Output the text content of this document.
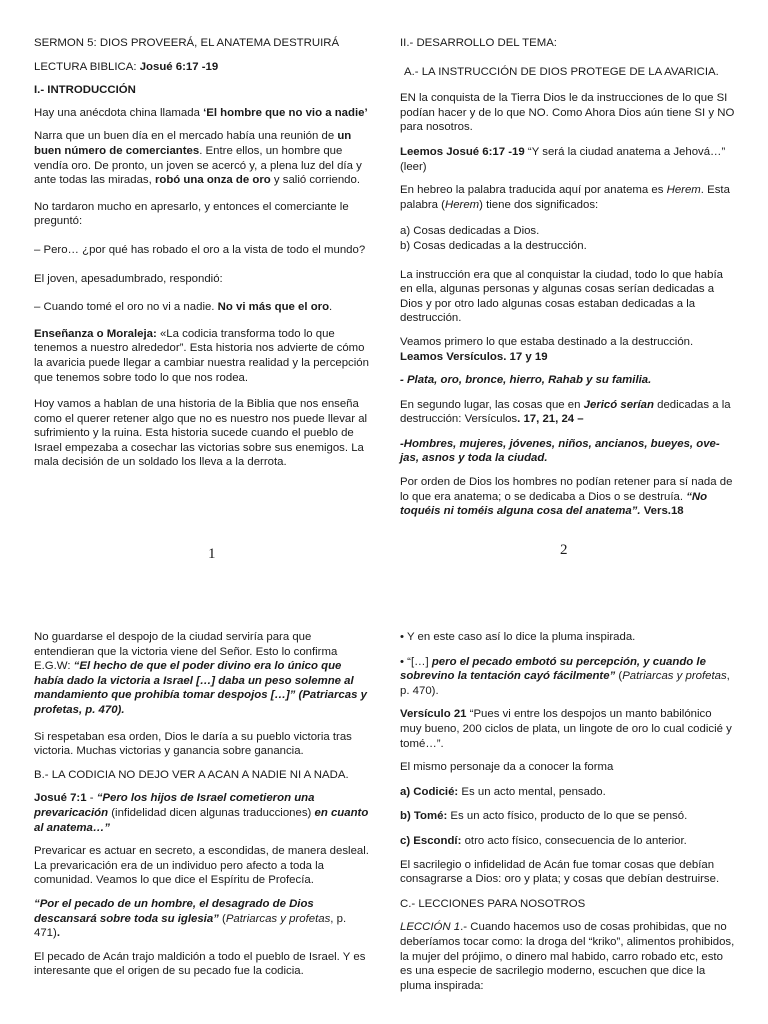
SERMON 5: DIOS PROVEERÁ, EL ANATEMA DESTRUIRÁ

LECTURA BIBLICA: Josué 6:17 -19

I.- INTRODUCCIÓN

Hay una anécdota china llamada ‘El hombre que no vio a nadie’

Narra que un buen día en el mercado había una reunión de un buen número de comerciantes. Entre ellos, un hombre que vendía oro. De pronto, un joven se acercó y, a plena luz del día y ante todas las miradas, robó una onza de oro y salió corriendo.

No tardaron mucho en apresarlo, y entonces el comerciante le preguntó:

– Pero… ¿por qué has robado el oro a la vista de todo el mundo?

El joven, apesadumbrado, respondió:

– Cuando tomé el oro no vi a nadie. No vi más que el oro.

Enseñanza o Moraleja: «La codicia transforma todo lo que tenemos a nuestro alrededor”. Esta historia nos advierte de cómo la avaricia puede llegar a cambiar nuestra realidad y la percepción que tenemos sobre todo lo que nos rodea.

Hoy vamos a hablan de una historia de la Biblia que nos enseña como el querer retener algo que no es nuestro nos puede llevar al sufrimiento y la ruina. Esta historia sucede cuando el pueblo de Israel empezaba a cosechar las victorias sobre sus enemigos. La mala decisión de un soldado los lleva a la derrota.

1

II.- DESARROLLO DEL TEMA:

A.- LA INSTRUCCIÓN DE DIOS PROTEGE DE LA AVARICIA.

EN la conquista de la Tierra Dios le da instrucciones de lo que SI podían hacer y de lo que NO. Como Ahora Dios aún tiene SI y NO para nosotros.

Leemos Josué 6:17 -19 “Y será la ciudad anatema a Jehová…” (leer)

En hebreo la palabra traducida aquí por anatema es Herem. Esta palabra (Herem) tiene dos significados:

a) Cosas dedicadas a Dios.
b) Cosas dedicadas a la destrucción.

La instrucción era que al conquistar la ciudad, todo lo que había en ella, algunas personas y algunas cosas serían dedicadas a Dios y por otro lado algunas cosas estaban dedicadas a la destrucción.

Veamos primero lo que estaba destinado a la destrucción. Leamos Versículos. 17 y 19

- Plata, oro, bronce, hierro, Rahab y su familia.

En segundo lugar, las cosas que en Jericó serían dedicadas a la destrucción: Versículos. 17, 21, 24 –

-Hombres, mujeres, jóvenes, niños, ancianos, bueyes, ove-jas, asnos y toda la ciudad.

Por orden de Dios los hombres no podían retener para sí nada de lo que era anatema; o se dedicaba a Dios o se destruía. “No toquéis ni toméis alguna cosa del anatema”. Vers.18

2

No guardarse el despojo de la ciudad serviría para que entendieran que la victoria viene del Señor. Esto lo confirma E.G.W: “El hecho de que el poder divino era lo único que había dado la victoria a Israel […] daba un peso solemne al mandamiento que prohibía tomar despojos […]” (Patriarcas y profetas, p. 470).

Si respetaban esa orden, Dios le daría a su pueblo victoria tras victoria. Muchas victorias y ganancia sobre ganancia.

B.- LA CODICIA NO DEJO VER A ACAN A NADIE NI A NADA.

Josué 7:1 - “Pero los hijos de Israel cometieron una prevaricación (infidelidad dicen algunas traducciones) en cuanto al anatema…”

Prevaricar es actuar en secreto, a escondidas, de manera desleal. La prevaricación era de un individuo pero afecto a toda la comunidad. Veamos lo que dice el Espíritu de Profecía.

“Por el pecado de un hombre, el desagrado de Dios descansará sobre toda su iglesia” (Patriarcas y profetas, p. 471).

El pecado de Acán trajo maldición a todo el pueblo de Israel. Y es interesante que el origen de su pecado fue la codicia.

• Y en este caso así lo dice la pluma inspirada.

• “[…] pero el pecado embotó su percepción, y cuando le sobrevino la tentación cayó fácilmente” (Patriarcas y profetas, p. 470).

Versículo 21 “Pues vi entre los despojos un manto babilónico muy bueno, 200 ciclos de plata, un lingote de oro lo cual codicié y tomé…”.

El mismo personaje da a conocer la forma

a) Codicié: Es un acto mental, pensado.

b) Tomé: Es un acto físico, producto de lo que se pensó.

c) Escondí: otro acto físico, consecuencia de lo anterior.

El sacrilegio o infidelidad de Acán fue tomar cosas que debían consagrarse a Dios: oro y plata; y cosas que debían destruirse.

C.- LECCIONES PARA NOSOTROS

LECCIÓN 1.- Cuando hacemos uso de cosas prohibidas, que no deberíamos tocar como: la droga del “kriko”, alimentos prohibidos, la mujer del prójimo, o dinero mal habido, carro robado etc, esto es una especie de sacrilegio moderno, escuchen que dice la pluma inspirada:
